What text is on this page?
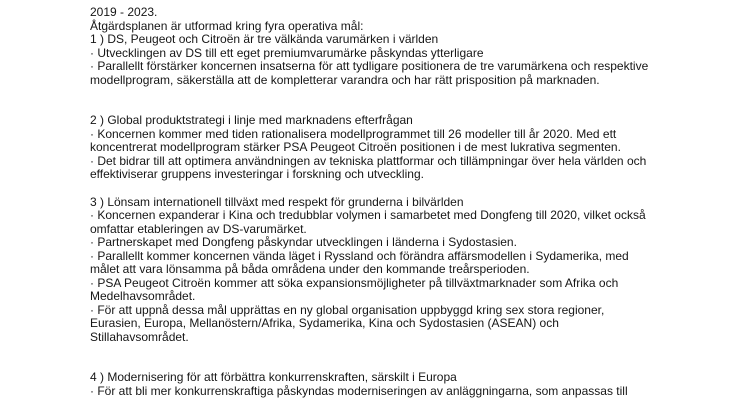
2019 - 2023.

Åtgärdsplanen är utformad kring fyra operativa mål:

1 ) DS, Peugeot och Citroën är tre välkända varumärken i världen

· Utvecklingen av DS till ett eget premiumvarumärke påskyndas ytterligare

· Parallellt förstärker koncernen insatserna för att tydligare positionera de tre varumärkena och respektive modellprogram, säkerställa att de kompletterar varandra och har rätt prisposition på marknaden.

2 ) Global produktstrategi i linje med marknadens efterfrågan

· Koncernen kommer med tiden rationalisera modellprogrammet till 26 modeller till år 2020. Med ett koncentrerat modellprogram stärker PSA Peugeot Citroën positionen i de mest lukrativa segmenten.

· Det bidrar till att optimera användningen av tekniska plattformar och tillämpningar över hela världen och effektiviserar gruppens investeringar i forskning och utveckling.

3 ) Lönsam internationell tillväxt med respekt för grunderna i bilvärlden

· Koncernen expanderar i Kina och tredubblar volymen i samarbetet med Dongfeng till 2020, vilket också omfattar etableringen av DS-varumärket.

· Partnerskapet med Dongfeng påskyndar utvecklingen i länderna i Sydostasien.

· Parallellt kommer koncernen vända läget i Ryssland och förändra affärsmodellen i Sydamerika, med målet att vara lönsamma på båda områdena under den kommande treårsperioden.

· PSA Peugeot Citroën kommer att söka expansionsmöjligheter på tillväxtmarknader som Afrika och Medelhavsområdet.

· För att uppnå dessa mål upprättas en ny global organisation uppbyggd kring sex stora regioner, Eurasien, Europa, Mellanöstern/Afrika, Sydamerika, Kina och Sydostasien (ASEAN) och Stillahavsområdet.

4 ) Modernisering för att förbättra konkurrenskraften, särskilt i Europa

· För att bli mer konkurrenskraftiga påskyndas moderniseringen av anläggningarna, som anpassas till
